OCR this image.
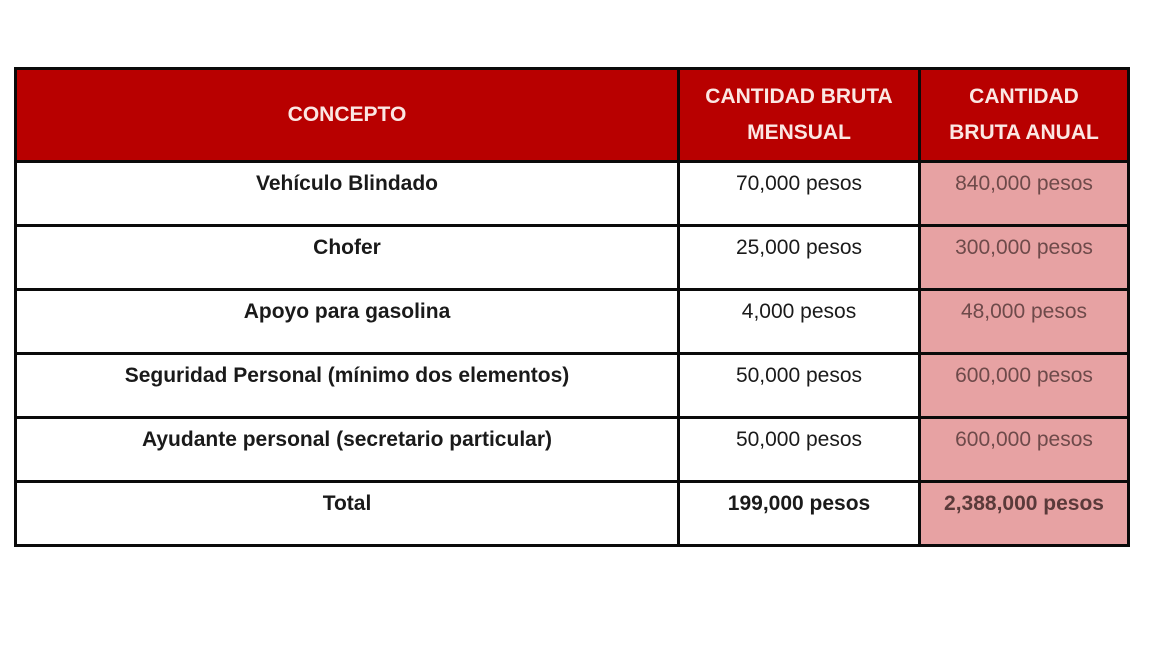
CONCEPTO	CANTIDAD BRUTA MENSUAL	CANTIDAD BRUTA ANUAL
Vehículo Blindado	70,000 pesos	840,000 pesos
Chofer	25,000 pesos	300,000 pesos
Apoyo para gasolina	4,000 pesos	48,000 pesos
Seguridad Personal (mínimo dos elementos)	50,000 pesos	600,000 pesos
Ayudante personal (secretario particular)	50,000 pesos	600,000 pesos
Total	199,000 pesos	2,388,000 pesos
